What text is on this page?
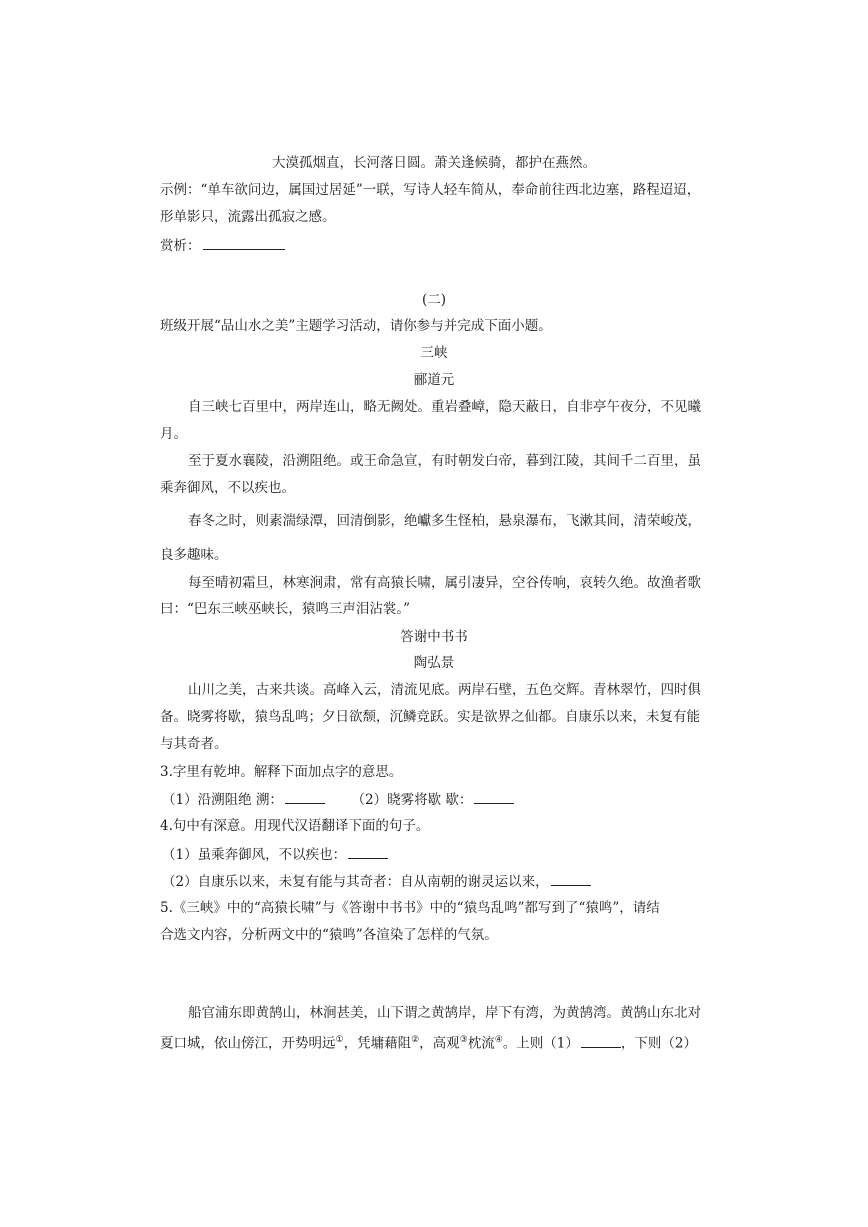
大漠孤烟直，长河落日圆。萧关逢候骑，都护在燕然。
示例：“单车欲问边，属国过居延”一联，写诗人轻车简从，奉命前往西北边塞，路程迢迢，
形单影只，流露出孤寂之感。
赏析：
(二)
班级开展“品山水之美”主题学习活动，请你参与并完成下面小题。
三峡
郦道元
自三峡七百里中，两岸连山，略无阙处。重岩叠嶂，隐天蔽日，自非亭午夜分，不见曦
月。
至于夏水襄陵，沿溯阻绝。或王命急宣，有时朝发白帝，暮到江陵，其间千二百里，虽
乘奔御风，不以疾也。
春冬之时，则素湍绿潭，回清倒影，绝巘多生怪柏，悬泉瀑布，飞漱其间，清荣峻茂，
良多趣味。
每至晴初霜旦，林寒涧肃，常有高猿长啸，属引凄异，空谷传响，哀转久绝。故渔者歌
曰：“巴东三峡巫峡长，猿鸣三声泪沾裳。”
答谢中书书
陶弘景
山川之美，古来共谈。高峰入云，清流见底。两岸石壁，五色交辉。青林翠竹，四时俱
备。晓雾将歇，猿鸟乱鸣；夕日欲颓，沉鳞竞跃。实是欲界之仙都。自康乐以来，未复有能
与其奇者。
3.字里有乾坤。解释下面加点字的意思。
（1）沿溯阻绝 溯：	（2）晓雾将歇 歇：
4.句中有深意。用现代汉语翻译下面的句子。
（1）虽乘奔御风，不以疾也：
（2）自康乐以来，未复有能与其奇者：自从南朝的谢灵运以来，
5.《三峡》中的“高猿长啸”与《答谢中书书》中的“猿鸟乱鸣”都写到了“猿鸣”，请结
合选文内容，分析两文中的“猿鸣”各渲染了怎样的气氛。
船官浦东即黄鹄山，林涧甚美，山下谓之黄鹄岸，岸下有湾，为黄鹄湾。黄鹄山东北对
夏口城，依山傍江，开势明远①，凭墉藉阻②，高观③枕流④。上则（1）	，下则（2）
